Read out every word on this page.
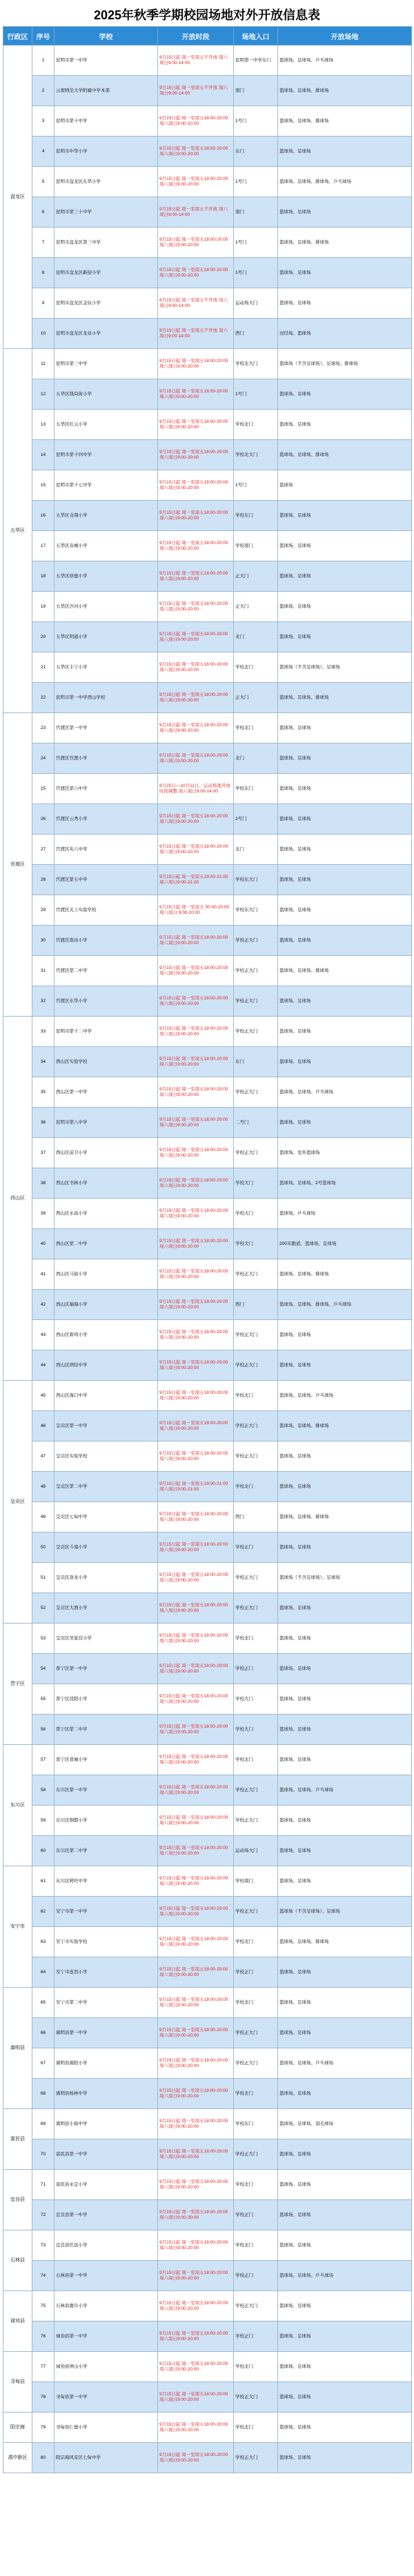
2025年秋季学期校园场地对外开放信息表
行政区	序号	学校	开放时段	场地入口	开放场地
盘龙区	1	昆明市第一中学	9月15日起 周一至周五不开放 周六周日9:00-14:00	昆明第一中学东门	篮球场、足球场、乒乓球场
	2	云南师范大学附属中学本部	9月15日起 周一至周五不开放 周六周日9:00-14:00	南门	篮球场、足球场、排球场
	3	昆明市第十中学	9月15日起 周一至周五18:00-20:00 周六周日9:00-20:00	1号门	篮球场、足球场、排球场
	4	昆明市中华小学	9月15日起 周一至周五18:00-20:00 周六周日9:00-20:00	东门	篮球场、足球场
	5	昆明市盘龙区东华小学	9月15日起 周一至周五18:00-20:00 周六周日9:00-20:00	1号门	篮球场、足球场、排球场、乒乓球场
	6	昆明市第三十中学	9月15日起 周一至周五不开放 周六周日9:00-14:00	南门	篮球场、足球场
	7	昆明市盘龙区第三中学	9月15日起 周一至周五18:00-20:00 周六周日9:00-20:00	1号门	篮球场、足球场、排球场
	8	昆明市盘龙区新迎小学	9月15日起 周一至周五18:00-20:00 周六周日9:00-20:00	1号门	篮球场、足球场
	9	昆明市盘龙区金辰小学	9月15日起 周一至周五不开放 周六周日9:00-14:00	运动场大门	篮球场、足球场
	10	昆明市盘龙区龙泉小学	9月15日起 周一至周五不开放 周六周日9:00-14:00	西门	田径场、篮球场
五华区	11	昆明市第三中学	9月15日起 周一至周五18:00-20:00 周六周日9:00-20:00	学校北大门	篮球场（不含足球场）、足球场、排球场
	12	五华区钱局街小学	9月15日起 周一至周五18:00-20:00 周六周日9:00-20:00	1号门	篮球场、足球场
	13	五华区红云小学	9月15日起 周一至周五18:00-20:00 周六周日9:00-20:00	学校北门	篮球场、足球场
	14	昆明市第十四中学	9月15日起 周一至周五18:00-20:00 周六周日9:00-20:00	学校北大门	篮球场、足球场、排球场
	15	昆明市第十七中学	9月15日起 周一至周五18:00-20:00 周六周日9:00-20:00	1号门	篮球场
	16	五华区龙翔小学	9月15日起 周一至周五18:00-20:00 周六周日9:00-20:00	学校东门	篮球场、足球场
	17	五华区春城小学	9月15日起 周一至周五18:00-20:00 周六周日9:00-20:00	学校南门	篮球场、足球场
	18	五华区培德小学	9月15日起 周一至周五18:00-20:00 周六周日9:00-20:00	正大门	篮球场、足球场
	19	五华区沙河小学	9月15日起 周一至周五18:00-20:00 周六周日9:00-20:00	正大门	篮球场、足球场
	20	五华区明通小学	9月15日起 周一至周五18:00-20:00 周六周日9:00-20:00	北门	篮球场、足球场
	21	五华区丰宁小学	9月15日起 周一至周五18:00-20:00 周六周日9:00-20:00	学校北门	篮球场（不含足球场）、足球场
	22	昆明市第一中学西山学校	9月15日起 周一至周五18:00-20:00 周六周日9:00-20:00	正大门	篮球场、足球场、排球场
官渡区	23	官渡区第一中学	9月15日起 周一至周五18:00-20:00 周六周日9:00-20:00	学校北门	篮球场、足球场
	24	官渡区官渡小学	9月15日起 周一至周五18:00-20:00 周六周日9:00-20:00	北门	篮球场、足球场
	25	官渡区第六中学	8月25日—10月11日、运动场地开放时间调整 周六周日9:00-14:00	学校东门	篮球场、足球场
	26	官渡区云秀小学	9月15日起 周一至周五18:00-20:00 周六周日9:00-20:00	2号门	篮球场、足球场
	27	官渡区矣六中学	9月15日起 周一至周五18:00-20:00 周六周日9:00-20:00	北门	篮球场、足球场
	28	官渡区第五中学	9月15日起 周一至周五19:00-21:00 周六周日9:00-21:00	学校东大门	篮球场、足球场
	29	官渡区关上实验学校	9月15日起 周一至周五 00:00-20:00 周六周日 9:00-20:00	学校东大门	篮球场、足球场
	30	官渡区南站小学	9月15日起 周一至周五18:00-20:00 周六周日9:00-20:00	学校正大门	篮球场、足球场
	31	官渡区第二中学	9月15日起 周一至周五18:00-20:00 周六周日9:00-20:00	学校正大门	篮球场、足球场、排球场
	32	官渡区东华小学	9月15日起 周一至周五18:00-20:00 周六周日9:00-20:00	学校正大门	篮球场、足球场
西山区	33	昆明市第十二中学	9月15日起 周一至周五18:00-20:00 周六周日9:00-20:00	学校正大门	篮球场、足球场
	34	西山区实验学校	9月15日起 周一至周五18:00-20:00 周六周日9:00-20:00	东门	篮球场、足球场
	35	西山区第一中学	9月15日起 周一至周五18:00-20:00 周六周日9:00-20:00	学校正大门	篮球场、足球场、乒乓球场
	36	昆明市第八中学	9月15日起 周一至周五18:00-20:00 周六周日9:00-20:00	二号门	篮球场、足球场
	37	西山区前卫小学	9月15日起 周一至周五18:00-20:00 周六周日9:00-20:00	学校正大门	篮球场、室外篮球场
	38	西山区书林小学	9月15日起 周一至周五18:00-20:00 周六周日9:00-20:00	学校大门	篮球场、足球场、2号篮球场
	39	西山区永昌小学	9月15日起 周一至周五18:00-20:00 周六周日9:00-20:00	学校大门	篮球场、乒乓球场
	40	西山区第二中学	9月15日起 周一至周五18:00-20:00 周六周日9:00-20:00	学校大门	200米跑道、篮球场、足球场
	41	西山区马街小学	9月15日起 周一至周五18:00-20:00 周六周日9:00-20:00	学校正大门	篮球场、足球场、排球场
	42	西山区福海小学	9月15日起 周一至周五18:00-20:00 周六周日9:00-20:00	西门	篮球场、足球场、排球场、乒乓球场
	43	西山区碧鸡小学	9月15日起 周一至周五18:00-20:00 周六周日9:00-20:00	学校正大门	篮球场、足球场
	44	西山区团结中学	9月15日起 周一至周五18:00-20:00 周六周日9:00-20:00	学校正大门	篮球场、足球场
呈贡区	45	西山区海口中学	9月15日起 周一至周五18:00-20:00 周六周日9:00-20:00	学校北门	篮球场、足球场、乒乓球场
	46	呈贡区第一中学	9月15日起 周一至周五18:00-20:00 周六周日9:00-20:00	学校正大门	篮球场、足球场、排球场
	47	呈贡区实验学校	9月15日起 周一至周五18:00-20:00 周六周日9:00-20:00	学校正大门	篮球场、足球场
	48	呈贡区第二中学	9月15日起 周一至周五19:00-21:00 周六周日9:00-21:00	学校北门	篮球场、足球场
	49	呈贡区七甸中学	9月15日起 周一至周五18:00-20:00 周六周日9:00-20:00	西门	篮球场、足球场、排球场
	50	呈贡区斗南小学	9月15日起 周一至周五18:00-20:00 周六周日9:00-20:00	学校正门	篮球场、足球场
	51	呈贡区洛龙小学	9月15日起 周一至周五18:00-20:00 周六周日9:00-20:00	学校正大门	篮球场（不含足球场）、足球场
	52	呈贡区大渔小学	9月15日起 周一至周五18:00-20:00 周六周日9:00-20:00	学校正大门	篮球场、足球场
晋宁区	53	呈贡区吴家营小学	9月15日起 周一至周五18:00-20:00 周六周日9:00-20:00	学校北门	篮球场、足球场
	54	晋宁区第一中学	9月15日起 周一至周五18:00-20:00 周六周日9:00-20:00	学校正门	篮球场、足球场
	55	晋宁区昆阳小学	9月15日起 周一至周五18:00-20:00 周六周日9:00-20:00	学校大门	篮球场、足球场
	56	晋宁区第二中学	9月15日起 周一至周五18:00-20:00 周六周日9:00-20:00	学校大门	篮球场、足球场
东川区	57	晋宁区晋城小学	9月15日起 周一至周五18:00-20:00 周六周日9:00-20:00	学校北门	篮球场、足球场
	58	东川区第一中学	9月15日起 周一至周五18:00-20:00 周六周日9:00-20:00	学校正大门	篮球场、足球场、乒乓球场
	59	东川区铜都小学	9月15日起 周一至周五18:00-20:00 周六周日9:00-20:00	学校正大门	篮球场、足球场
	60	东川区第二中学	9月15日起 周一至周五18:00-20:00 周六周日9:00-20:00	运动场大门	篮球场、足球场
安宁市	61	东川区阿旺中学	9月15日起 周一至周五18:00-20:00 周六周日9:00-20:00	学校南门	篮球场、足球场
	62	安宁市第一中学	9月15日起 周一至周五18:00-20:00 周六周日9:00-20:00	学校正大门	篮球场（不含足球场）、足球场
	63	安宁市实验学校	9月15日起 周一至周五18:00-20:00 周六周日9:00-20:00	学校北门	篮球场、足球场、排球场
	64	安宁市连然小学	9月15日起 周一至周五18:00-20:00 周六周日9:00-20:00	学校正门	篮球场、足球场
嵩明县	65	安宁市第二中学	9月15日起 周一至周五18:00-20:00 周六周日9:00-20:00	学校北门	篮球场、足球场
	66	嵩明县第一中学	9月15日起 周一至周五18:00-20:00 周六周日9:00-20:00	学校正大门	篮球场、足球场
	67	嵩明县嵩阳小学	9月15日起 周一至周五18:00-20:00 周六周日9:00-20:00	学校正大门	篮球场、足球场、乒乓球场
	68	嵩明县杨林中学	9月15日起 周一至周五18:00-20:00 周六周日9:00-20:00	学校北门	篮球场、足球场
富民县	69	嵩明县小街中学	9月15日起 周一至周五18:00-20:00 周六周日9:00-20:00	学校东门	篮球场、足球场、羽毛球场
	70	富民县第一中学	9月15日起 周一至周五18:00-20:00 周六周日9:00-20:00	学校正大门	篮球场、足球场
宜良县	71	富民县永定小学	9月15日起 周一至周五18:00-20:00 周六周日9:00-20:00	学校北门	篮球场、足球场
	72	宜良县第一中学	9月15日起 周一至周五18:00-20:00 周六周日9:00-20:00	学校正门	篮球场、足球场
石林县	73	宜良县匡远小学	9月15日起 周一至周五18:00-20:00 周六周日9:00-20:00	学校北门	篮球场、足球场
	74	石林县第一中学	9月15日起 周一至周五18:00-20:00 周六周日9:00-20:00	学校正门	篮球场、足球场、乒乓球场
禄劝县	75	石林县鹿阜小学	9月15日起 周一至周五18:00-20:00 周六周日9:00-20:00	学校正大门	篮球场、足球场
	76	禄劝县第一中学	9月15日起 周一至周五18:00-20:00 周六周日9:00-20:00	学校正门	篮球场、足球场
寻甸县	77	禄劝县屏山小学	9月15日起 周一至周五18:00-20:00 周六周日9:00-20:00	学校北门	篮球场、足球场
	78	寻甸县第一中学	9月15日起 周一至周五18:00-20:00 周六周日9:00-20:00	学校正大门	篮球场、足球场
阳宗海	79	寻甸县仁德小学	9月15日起 周一至周五18:00-20:00 周六周日9:00-20:00	学校北门	篮球场、足球场
滇中新区	80	阳宗海风景区七甸中学	9月15日起 周一至周五18:00-20:00 周六周日9:00-20:00	学校正大门	篮球场、足球场
